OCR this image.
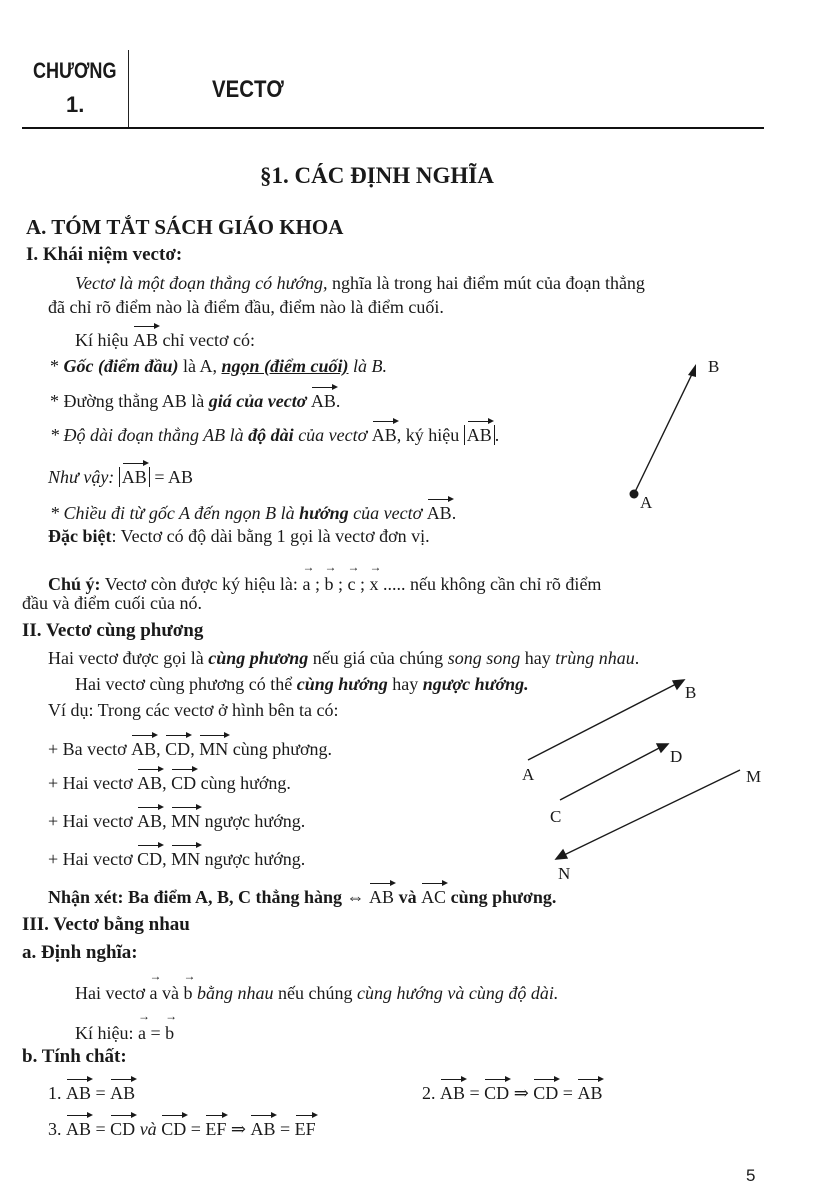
CHƯƠNG
1.
VECTƠ
§1. CÁC ĐỊNH NGHĨA
A. TÓM TẮT SÁCH GIÁO KHOA
I. Khái niệm vectơ:
Vectơ là một đoạn thẳng có hướng, nghĩa là trong hai điểm mút của đoạn thẳng
đã chỉ rõ điểm nào là điểm đầu, điểm nào là điểm cuối.
Kí hiệu AB chỉ vectơ có:
* Gốc (điểm đầu) là A, ngọn (điểm cuối) là B.
* Đường thẳng AB là giá của vectơ AB.
* Độ dài đoạn thẳng AB là độ dài của vectơ AB, ký hiệu AB .
Như vậy: AB = AB
* Chiều đi từ gốc A đến ngọn B là hướng của vectơ AB.
Đặc biệt: Vectơ có độ dài bằng 1 gọi là vectơ đơn vị.
Chú ý: Vectơ còn được ký hiệu là: → a ; → b ; → c ; → x ..... nếu không cần chỉ rõ điểm
đầu và điểm cuối của nó.
B
A
II. Vectơ cùng phương
Hai vectơ được gọi là cùng phương nếu giá của chúng song song hay trùng nhau.
Hai vectơ cùng phương có thể cùng hướng hay ngược hướng.
Ví dụ: Trong các vectơ ở hình bên ta có:
+ Ba vectơ AB, CD, MN cùng phương.
+ Hai vectơ AB, CD cùng hướng.
+ Hai vectơ AB, MN ngược hướng.
+ Hai vectơ CD, MN ngược hướng.
Nhận xét: Ba điểm A, B, C thẳng hàng ⇔ AB và AC cùng phương.
B
A
D
C
M
N
III. Vectơ bằng nhau
a. Định nghĩa:
Hai vectơ → a và → b bằng nhau nếu chúng cùng hướng và cùng độ dài.
Kí hiệu: → a = → b
b. Tính chất:
1. AB = AB	2. AB = CD ⇒ CD = AB
3. AB = CD và CD = EF ⇒ AB = EF
5
